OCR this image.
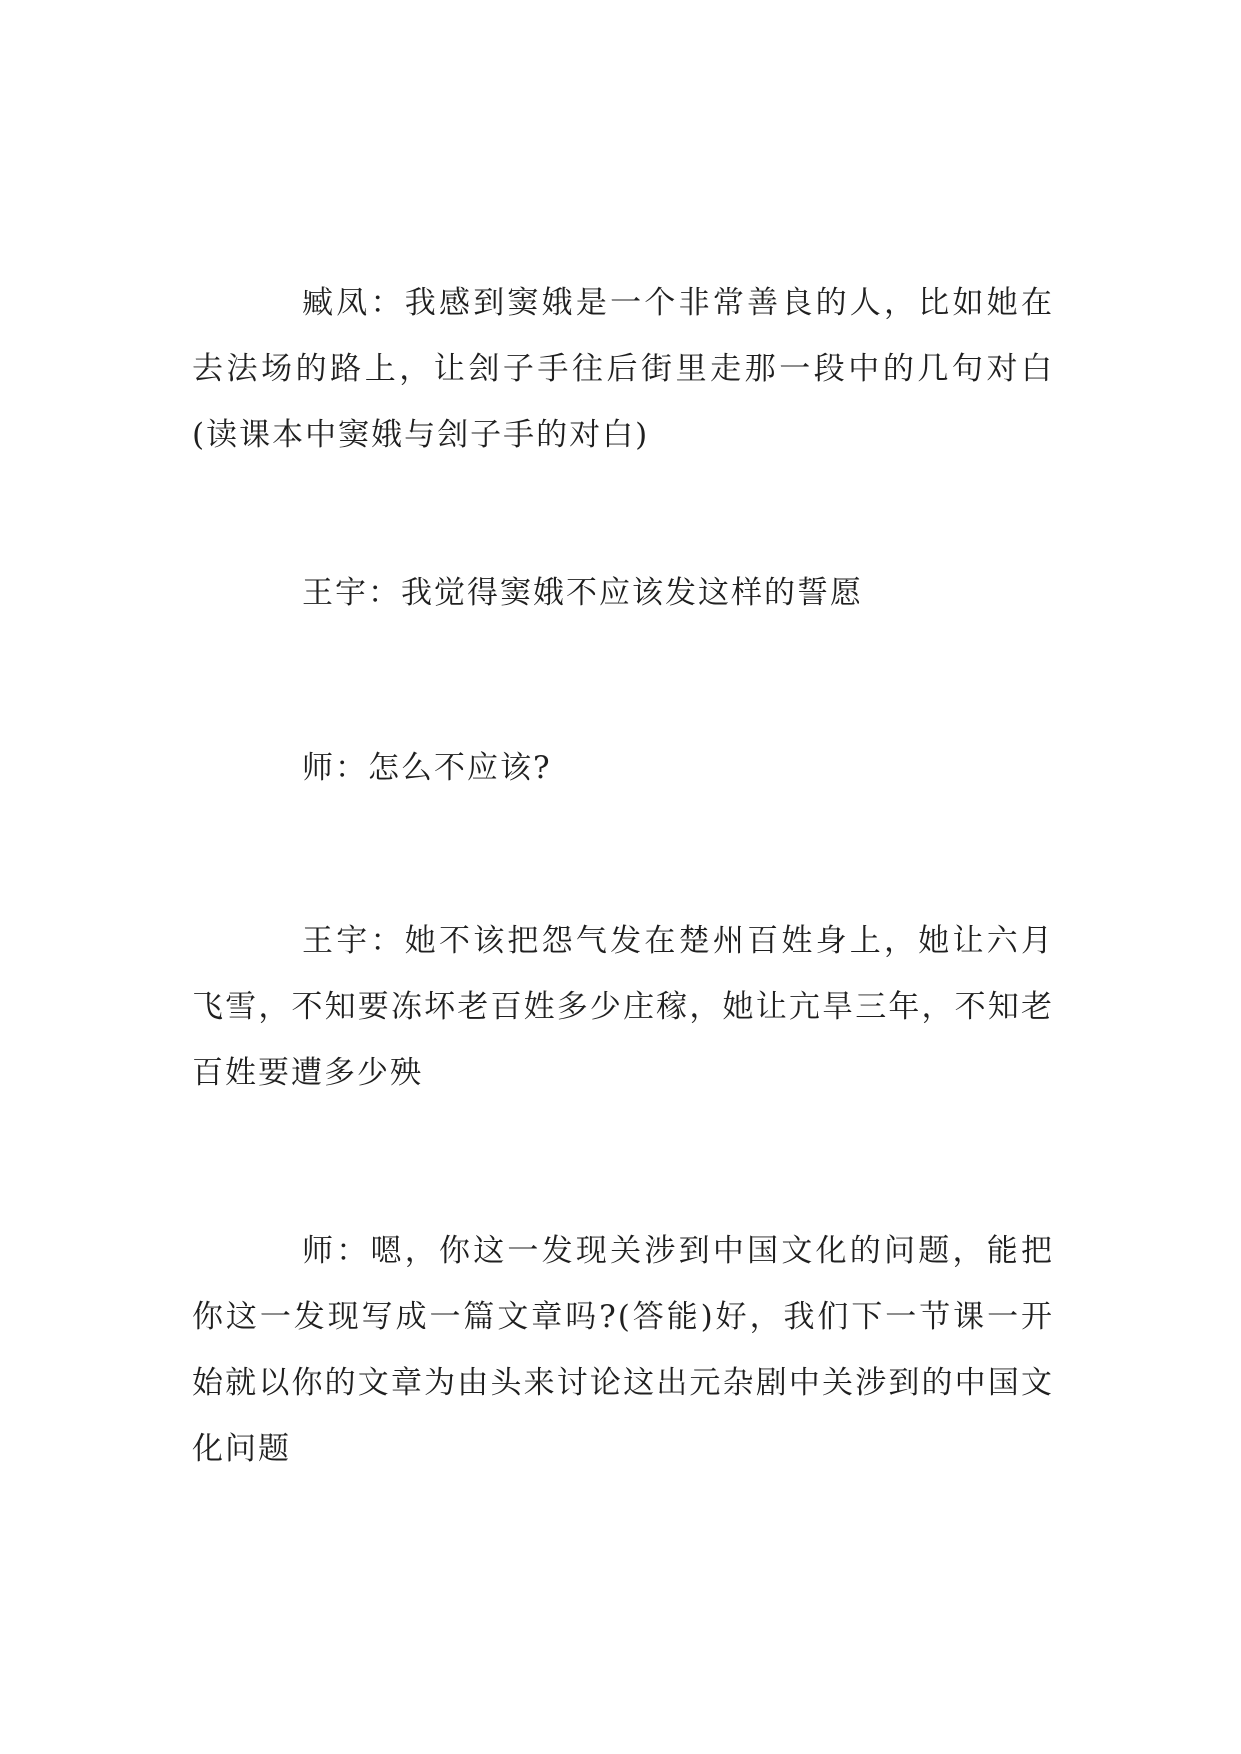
臧凤：我感到窦娥是一个非常善良的人，比如她在去法场的路上，让刽子手往后街里走那一段中的几句对白(读课本中窦娥与刽子手的对白)

王宇：我觉得窦娥不应该发这样的誓愿

师：怎么不应该?

王宇：她不该把怨气发在楚州百姓身上，她让六月飞雪，不知要冻坏老百姓多少庄稼，她让亢旱三年，不知老百姓要遭多少殃

师：嗯，你这一发现关涉到中国文化的问题，能把你这一发现写成一篇文章吗?(答能)好，我们下一节课一开始就以你的文章为由头来讨论这出元杂剧中关涉到的中国文化问题
